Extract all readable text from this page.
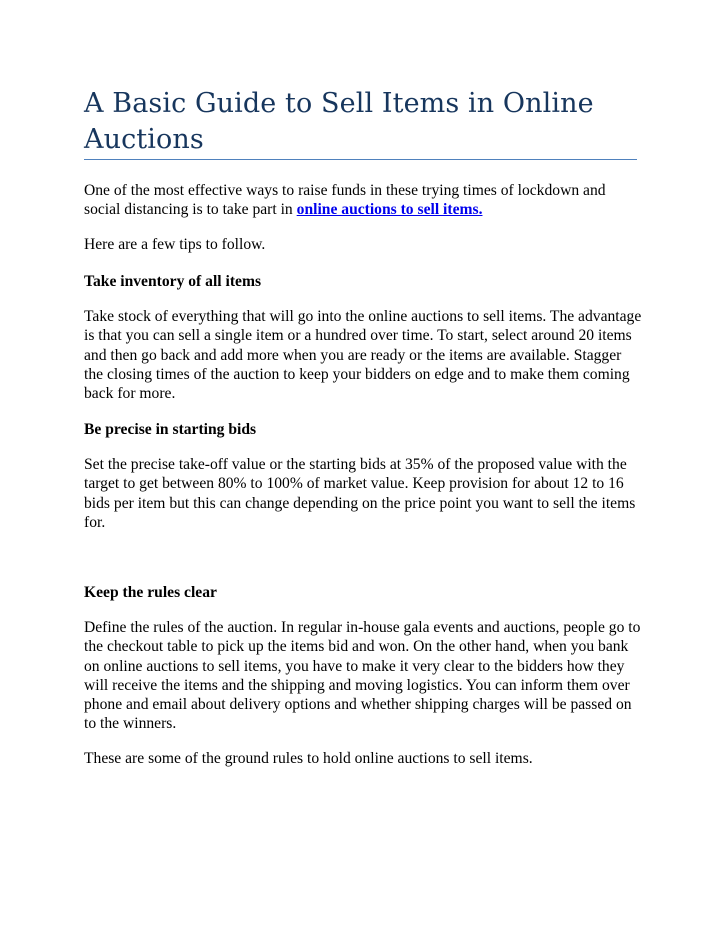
A Basic Guide to Sell Items in Online Auctions

One of the most effective ways to raise funds in these trying times of lockdown and social distancing is to take part in online auctions to sell items.

Here are a few tips to follow.

Take inventory of all items

Take stock of everything that will go into the online auctions to sell items. The advantage is that you can sell a single item or a hundred over time. To start, select around 20 items and then go back and add more when you are ready or the items are available. Stagger the closing times of the auction to keep your bidders on edge and to make them coming back for more.

Be precise in starting bids

Set the precise take-off value or the starting bids at 35% of the proposed value with the target to get between 80% to 100% of market value. Keep provision for about 12 to 16 bids per item but this can change depending on the price point you want to sell the items for.

Keep the rules clear

Define the rules of the auction. In regular in-house gala events and auctions, people go to the checkout table to pick up the items bid and won. On the other hand, when you bank on online auctions to sell items, you have to make it very clear to the bidders how they will receive the items and the shipping and moving logistics. You can inform them over phone and email about delivery options and whether shipping charges will be passed on to the winners.

These are some of the ground rules to hold online auctions to sell items.
